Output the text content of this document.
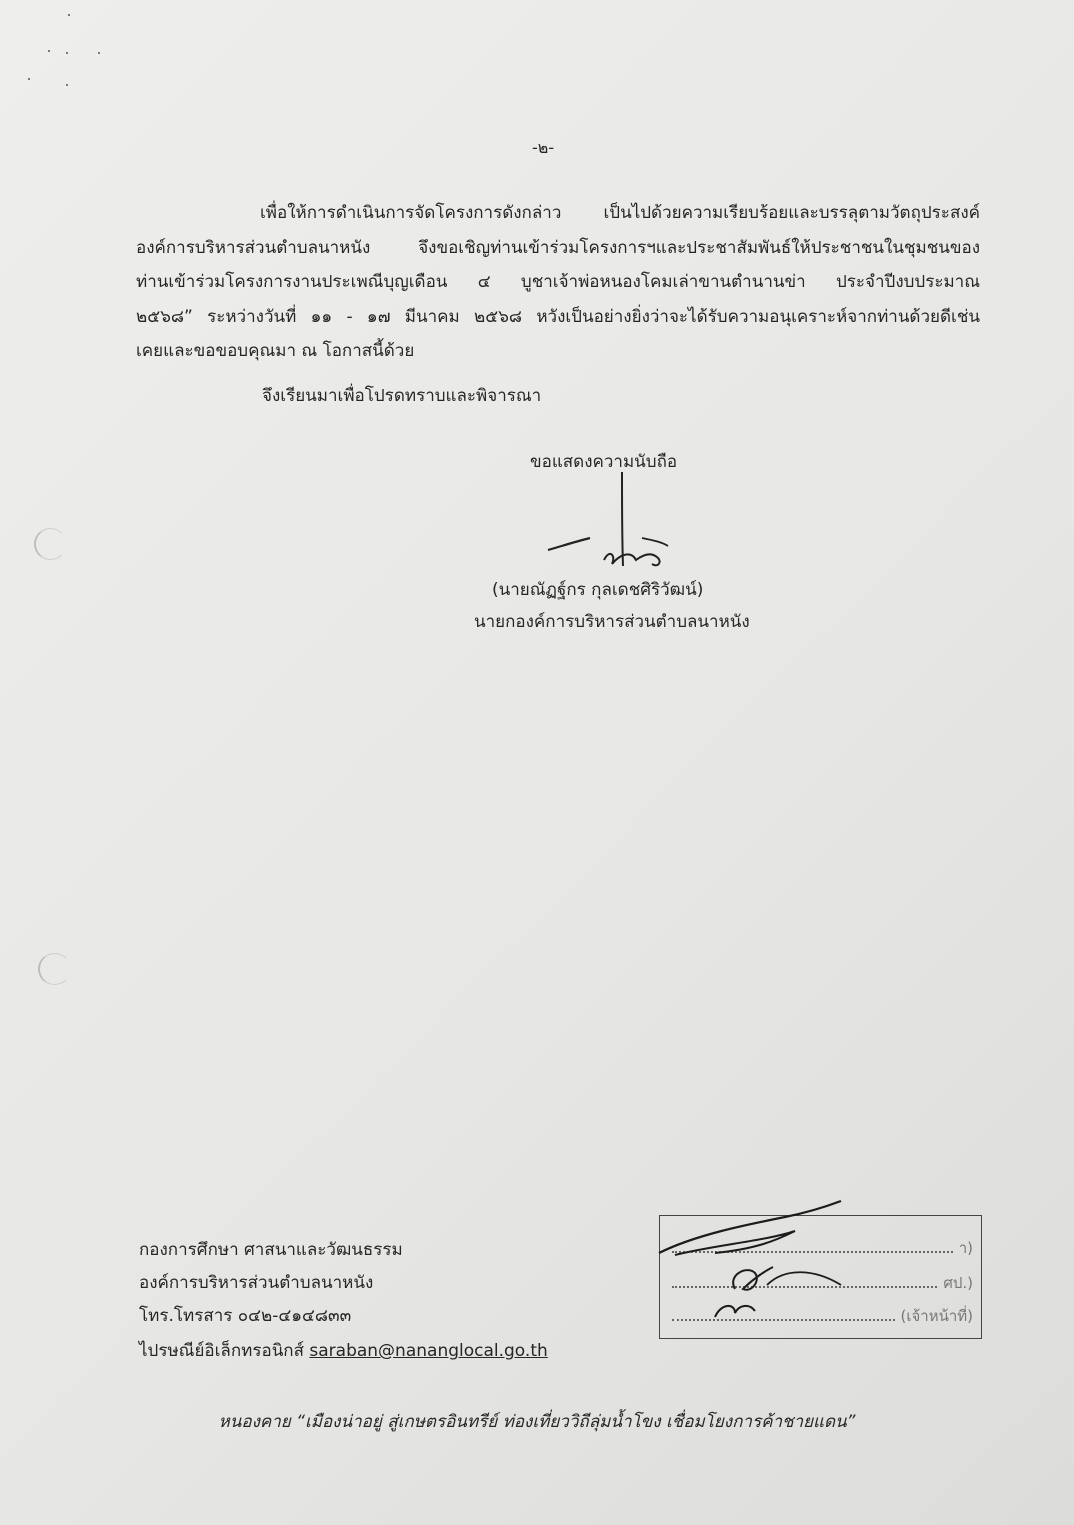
-๒-
เพื่อให้การดำเนินการจัดโครงการดังกล่าว เป็นไปด้วยความเรียบร้อยและบรรลุตามวัตถุประสงค์
องค์การบริหารส่วนตำบลนาหนัง จึงขอเชิญท่านเข้าร่วมโครงการฯและประชาสัมพันธ์ให้ประชาชนในชุมชนของ
ท่านเข้าร่วมโครงการงานประเพณีบุญเดือน ๔ บูชาเจ้าพ่อหนองโคมเล่าขานตำนานข่า ประจำปีงบประมาณ
๒๕๖๘” ระหว่างวันที่ ๑๑ - ๑๗ มีนาคม ๒๕๖๘ หวังเป็นอย่างยิ่งว่าจะได้รับความอนุเคราะห์จากท่านด้วยดีเช่น
เคยและขอขอบคุณมา ณ โอกาสนี้ด้วย
จึงเรียนมาเพื่อโปรดทราบและพิจารณา
ขอแสดงความนับถือ
(นายณัฏฐ์กร กุลเดชศิริวัฒน์)
นายกองค์การบริหารส่วนตำบลนาหนัง
กองการศึกษา ศาสนาและวัฒนธรรม
องค์การบริหารส่วนตำบลนาหนัง
โทร.โทรสาร ๐๔๒-๔๑๔๘๓๓
ไปรษณีย์อิเล็กทรอนิกส์ saraban@nananglocal.go.th
า)
ศป.)
(เจ้าหน้าที่)
หนองคาย “เมืองน่าอยู่ สู่เกษตรอินทรีย์ ท่องเที่ยววิถีลุ่มน้ำโขง เชื่อมโยงการค้าชายแดน”
